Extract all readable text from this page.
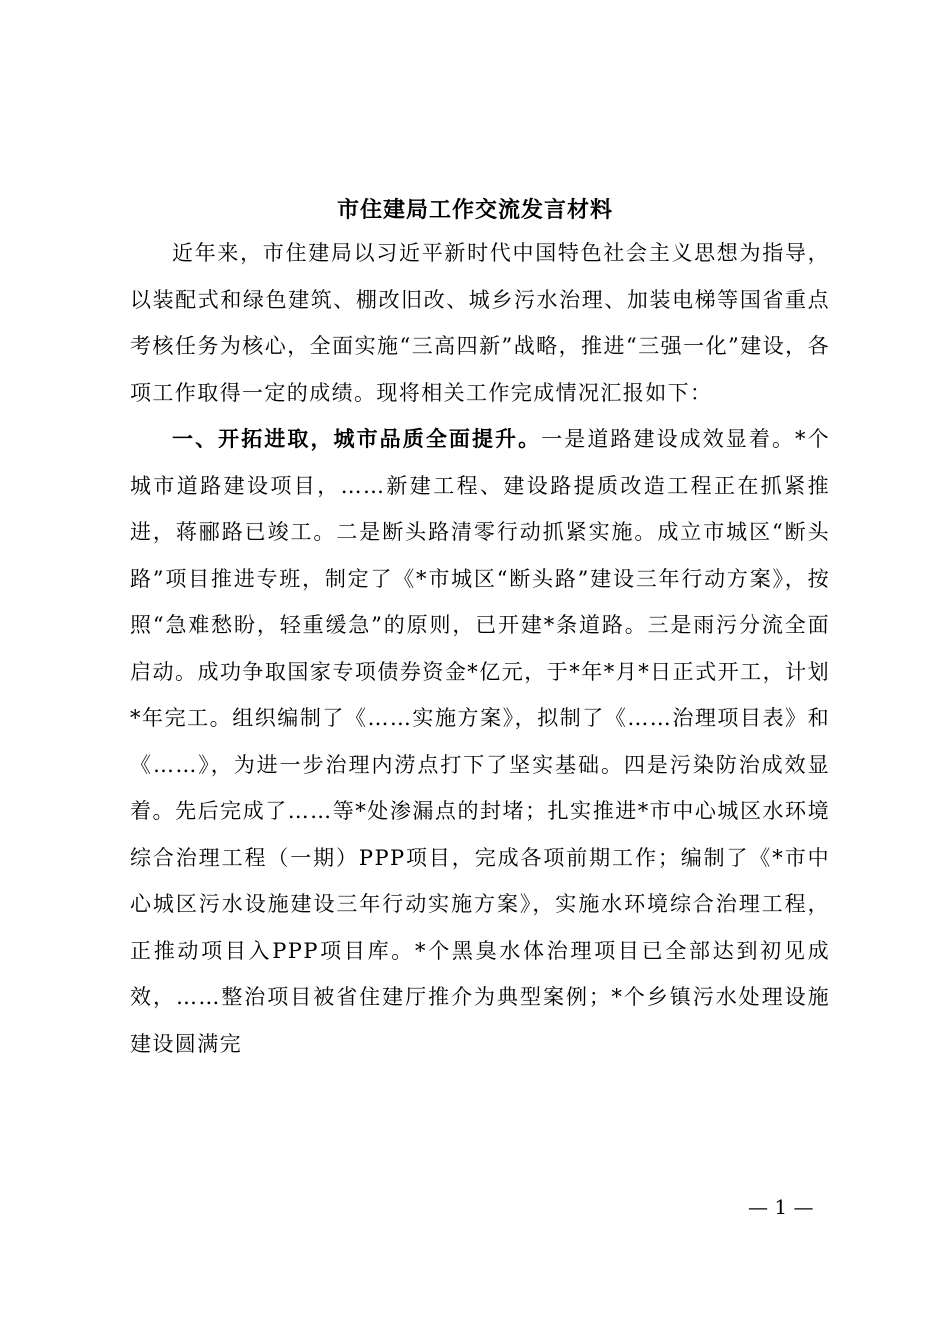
市住建局工作交流发言材料

近年来，市住建局以习近平新时代中国特色社会主义思想为指导，以装配式和绿色建筑、棚改旧改、城乡污水治理、加装电梯等国省重点考核任务为核心，全面实施“三高四新”战略，推进“三强一化”建设，各项工作取得一定的成绩。现将相关工作完成情况汇报如下：

一、开拓进取，城市品质全面提升。一是道路建设成效显着。*个城市道路建设项目，……新建工程、建设路提质改造工程正在抓紧推进，蒋郦路已竣工。二是断头路清零行动抓紧实施。成立市城区“断头路”项目推进专班，制定了《*市城区“断头路”建设三年行动方案》，按照“急难愁盼，轻重缓急”的原则，已开建*条道路。三是雨污分流全面启动。成功争取国家专项债券资金*亿元，于*年*月*日正式开工，计划*年完工。组织编制了《……实施方案》，拟制了《……治理项目表》和《……》，为进一步治理内涝点打下了坚实基础。四是污染防治成效显着。先后完成了……等*处渗漏点的封堵；扎实推进*市中心城区水环境综合治理工程（一期）PPP项目，完成各项前期工作；编制了《*市中心城区污水设施建设三年行动实施方案》，实施水环境综合治理工程，正推动项目入PPP项目库。*个黑臭水体治理项目已全部达到初见成效，……整治项目被省住建厅推介为典型案例；*个乡镇污水处理设施建设圆满完

— 1 —
